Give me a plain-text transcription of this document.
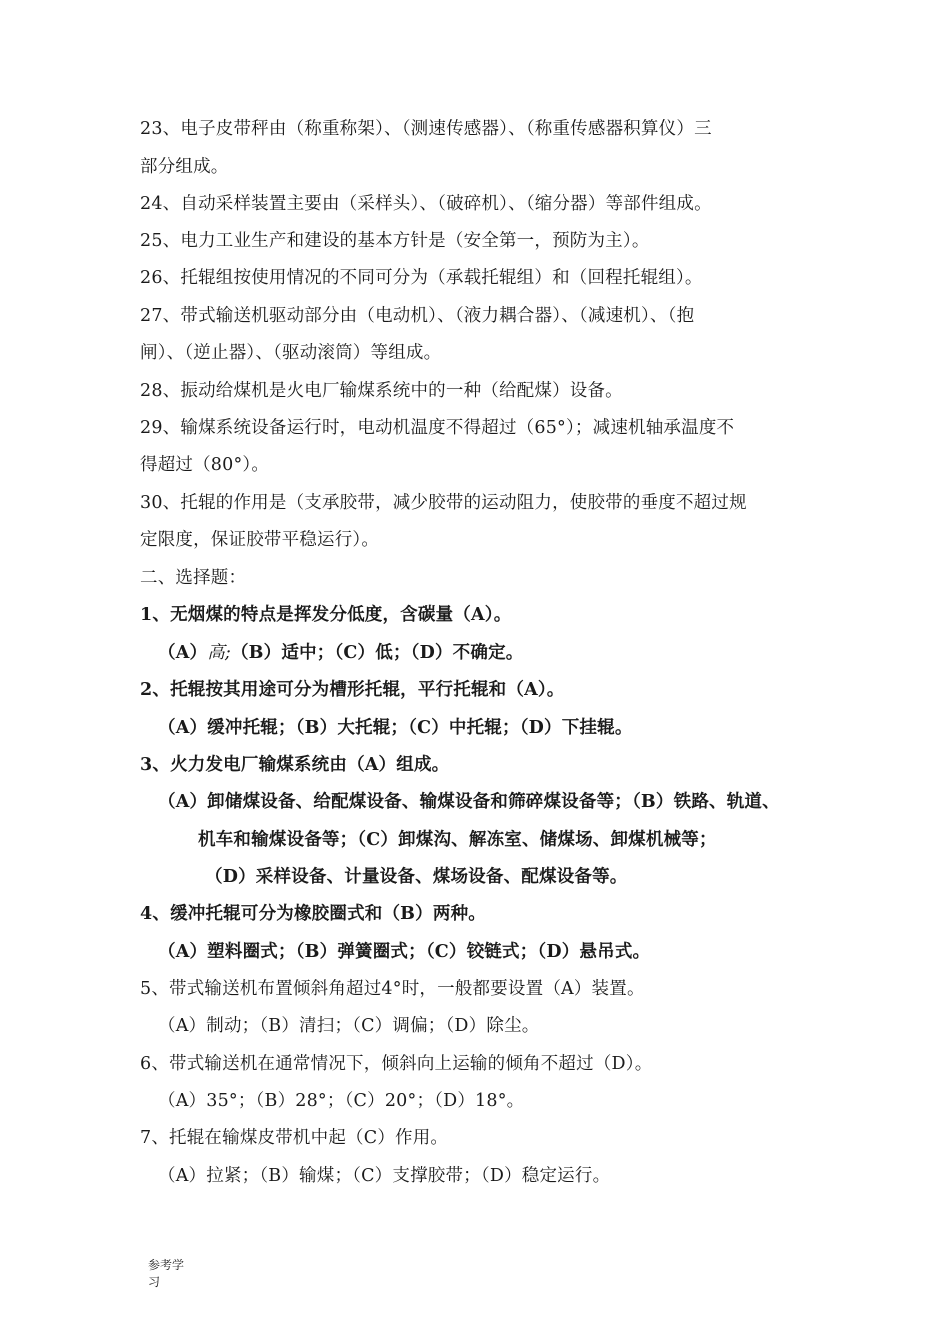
23、电子皮带秤由（称重称架）、（测速传感器）、（称重传感器积算仪）三
部分组成。
24、自动采样装置主要由（采样头）、（破碎机）、（缩分器）等部件组成。
25、电力工业生产和建设的基本方针是（安全第一，预防为主）。
26、托辊组按使用情况的不同可分为（承载托辊组）和（回程托辊组）。
27、带式输送机驱动部分由（电动机）、（液力耦合器）、（减速机）、（抱
闸）、（逆止器）、（驱动滚筒）等组成。
28、振动给煤机是火电厂输煤系统中的一种（给配煤）设备。
29、输煤系统设备运行时，电动机温度不得超过（65°）；减速机轴承温度不
得超过（80°）。
30、托辊的作用是（支承胶带，减少胶带的运动阻力，使胶带的垂度不超过规
定限度，保证胶带平稳运行）。
二、选择题：
1、无烟煤的特点是挥发分低度，含碳量（A）。
（A）高;（B）适中；（C）低；（D）不确定。
2、托辊按其用途可分为槽形托辊，平行托辊和（A）。
（A）缓冲托辊；（B）大托辊；（C）中托辊；（D）下挂辊。
3、火力发电厂输煤系统由（A）组成。
（A）卸储煤设备、给配煤设备、输煤设备和筛碎煤设备等；（B）铁路、轨道、
机车和输煤设备等；（C）卸煤沟、解冻室、储煤场、卸煤机械等；
（D）采样设备、计量设备、煤场设备、配煤设备等。
4、缓冲托辊可分为橡胶圈式和（B）两种。
（A）塑料圈式；（B）弹簧圈式；（C）铰链式；（D）悬吊式。
5、带式输送机布置倾斜角超过4°时，一般都要设置（A）装置。
（A）制动；（B）清扫；（C）调偏；（D）除尘。
6、带式输送机在通常情况下，倾斜向上运输的倾角不超过（D）。
（A）35°；（B）28°；（C）20°；（D）18°。
7、托辊在输煤皮带机中起（C）作用。
（A）拉紧；（B）输煤；（C）支撑胶带；（D）稳定运行。
参考学
习
